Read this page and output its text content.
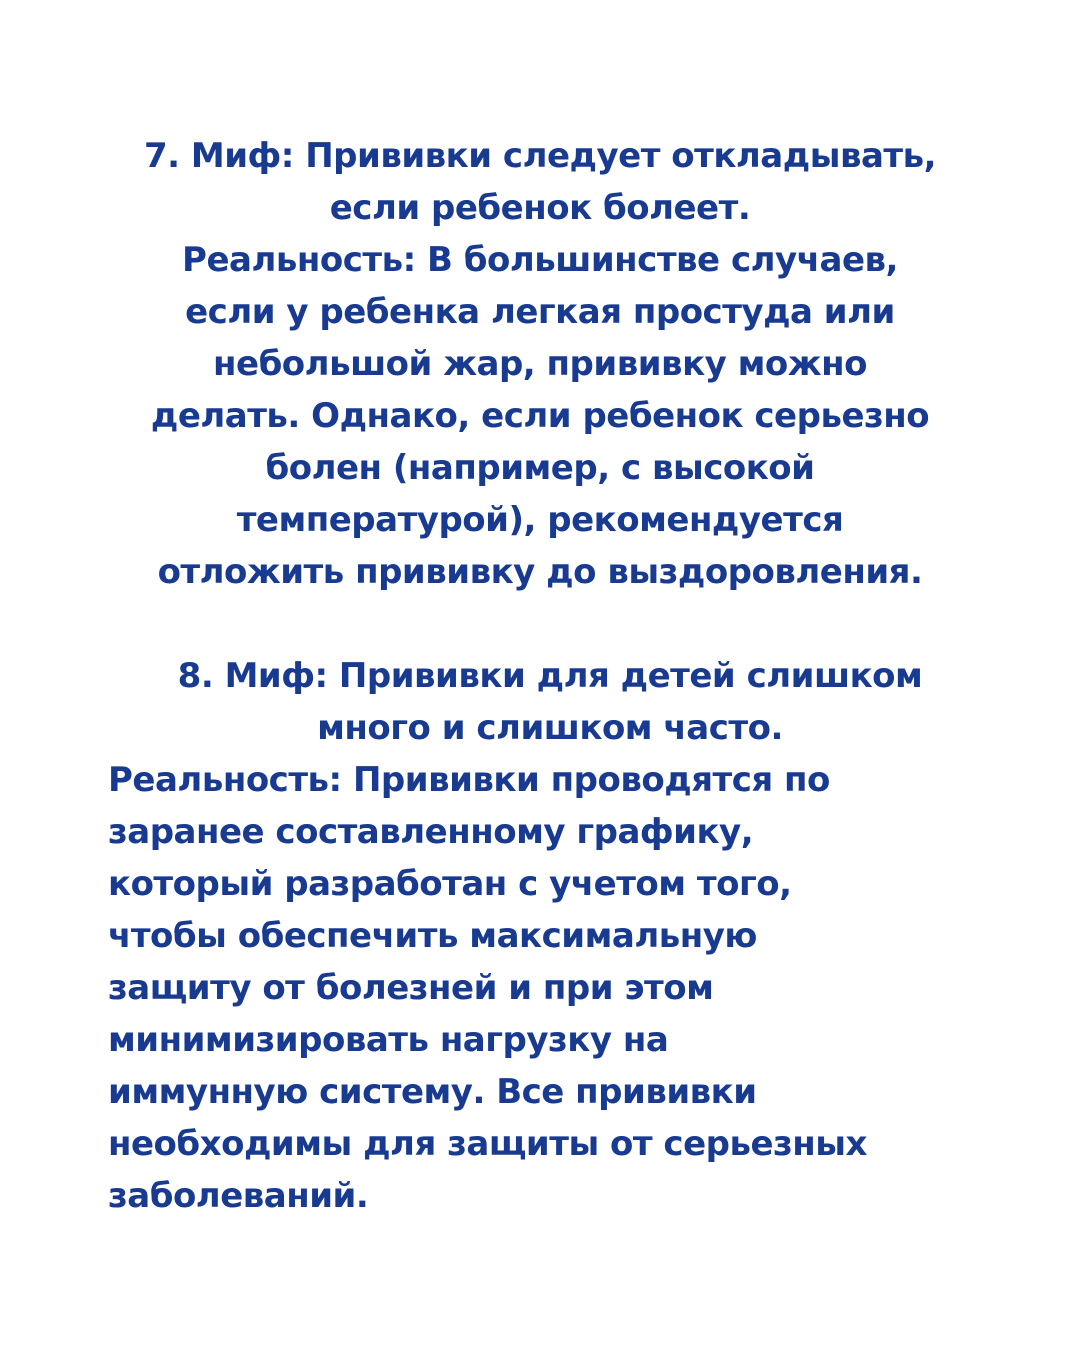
7. Миф: Прививки следует откладывать,
если ребенок болеет.
Реальность: В большинстве случаев,
если у ребенка легкая простуда или
небольшой жар, прививку можно
делать. Однако, если ребенок серьезно
болен (например, с высокой
температурой), рекомендуется
отложить прививку до выздоровления.
8. Миф: Прививки для детей слишком
много и слишком часто.
Реальность: Прививки проводятся по
заранее составленному графику,
который разработан с учетом того,
чтобы обеспечить максимальную
защиту от болезней и при этом
минимизировать нагрузку на
иммунную систему. Все прививки
необходимы для защиты от серьезных
заболеваний.
